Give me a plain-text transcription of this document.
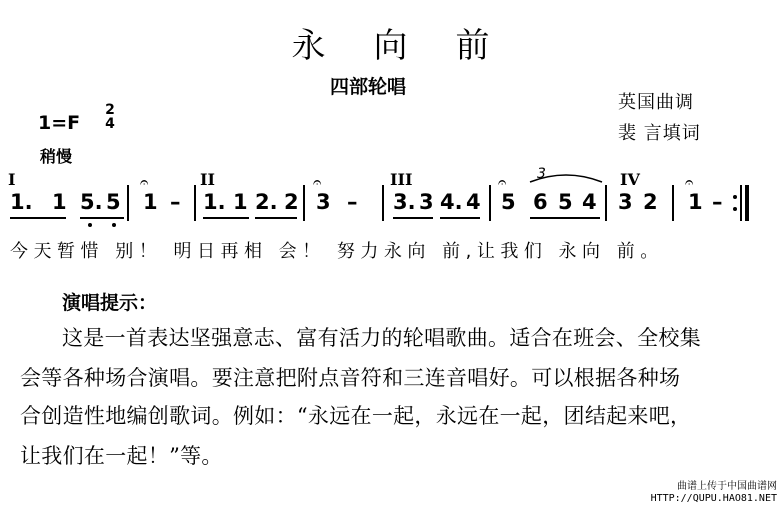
永向前
四部轮唱
英国曲调
裴 言填词
1=F
2
4
稍慢
I	II	III	IV
1. 1 5. 5
𝄐
1 – 1. 1 2. 2
𝄐
3 – 3. 3 4. 4
𝄐
5
3
6 5 4 3 2
𝄐
1 –
今天暂惜 别！ 明日再相 会！ 努力永向 前,让我们 永向 前。
演唱提示：
这是一首表达坚强意志、富有活力的轮唱歌曲。适合在班会、全校集
会等各种场合演唱。要注意把附点音符和三连音唱好。可以根据各种场
合创造性地编创歌词。例如：“永远在一起，永远在一起，团结起来吧，
让我们在一起！”等。
曲谱上传于中国曲谱网
HTTP://QUPU.HAO81.NET
